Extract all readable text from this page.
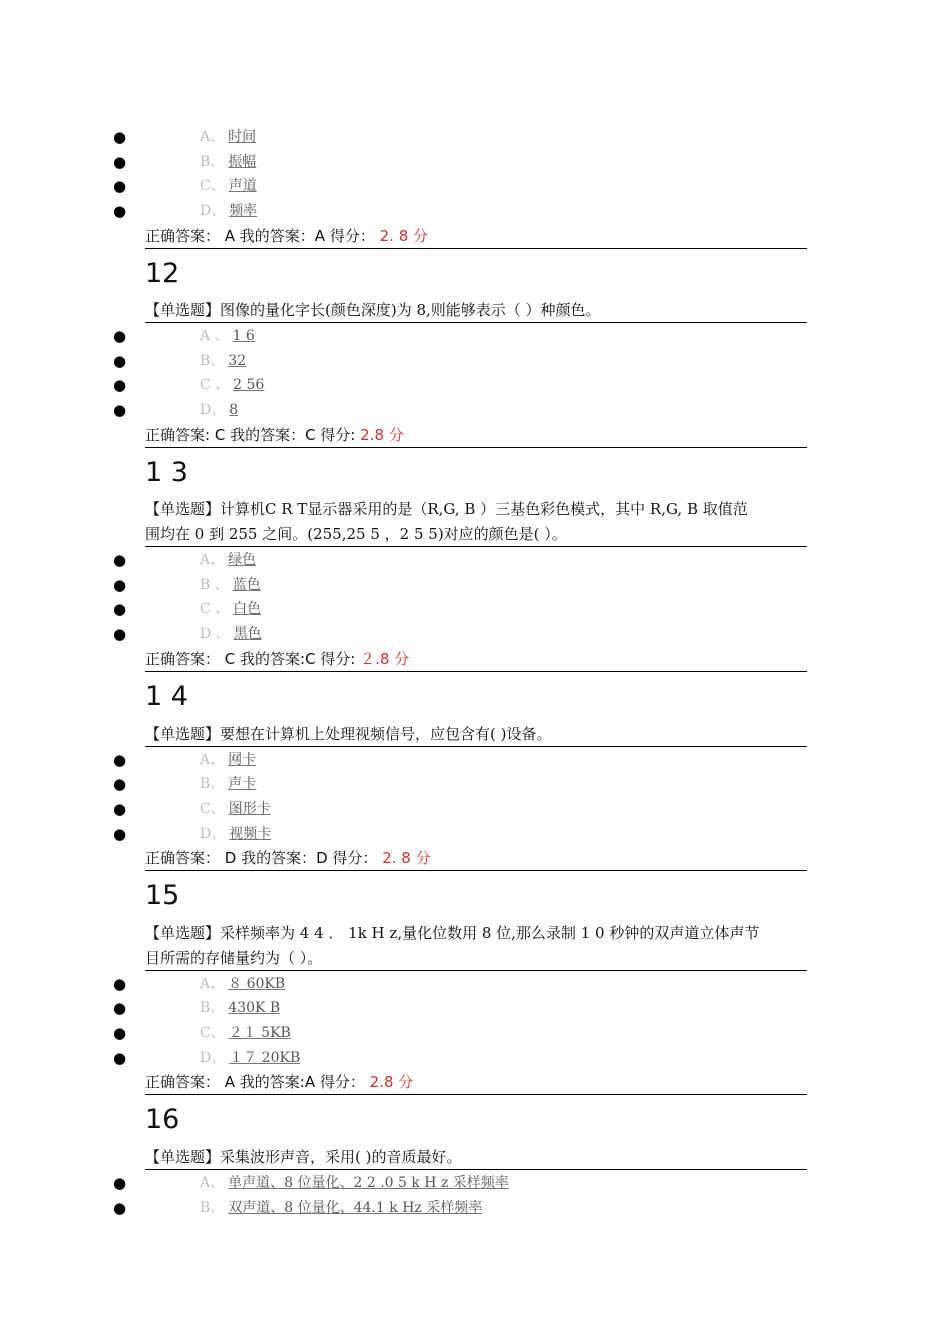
●	A、 时间
●	B、 振幅
●	C、 声道
●	D、 频率
正确答案： A 我的答案：A 得分： 2. 8 分
12
【单选题】图像的量化字长(颜色深度)为 8,则能够表示（ ）种颜色。
●	A 、 1 6
●	B、 32
●	C 、 2 56
●	D、 8
正确答案: C 我的答案：C 得分: 2.8 分
1 3
【单选题】计算机C R T显示器采用的是（R,G, B ）三基色彩色模式，其中 R,G, B 取值范
围均在 0 到 255 之间。(255,25 5 ，2 5 5)对应的颜色是( ）。
●	A、 绿色
●	B 、 蓝色
●	C 、 白色
●	D 、 黑色
正确答案： C 我的答案:C 得分: ２.8 分
1 4
【单选题】要想在计算机上处理视频信号，应包含有( )设备。
●	A、 网卡
●	B、 声卡
●	C、 图形卡
●	D、 视频卡
正确答案： D 我的答案：D 得分： 2. 8 分
15
【单选题】采样频率为 4 4 ． 1k H z,量化位数用 8 位,那么录制 1 0 秒钟的双声道立体声节
目所需的存储量约为（ ）。
●	A、 ８ 60KB
●	B、 430K B
●	C、 ２１ 5KB
●	D、 １７ 20KB
正确答案： A 我的答案:A 得分： 2.8 分
16
【单选题】采集波形声音，采用( )的音质最好。
●	A、 单声道、8 位量化、2 2 .0 5 k H z 采样频率
●	B、 双声道、8 位量化、44.1 k Hz 采样频率
